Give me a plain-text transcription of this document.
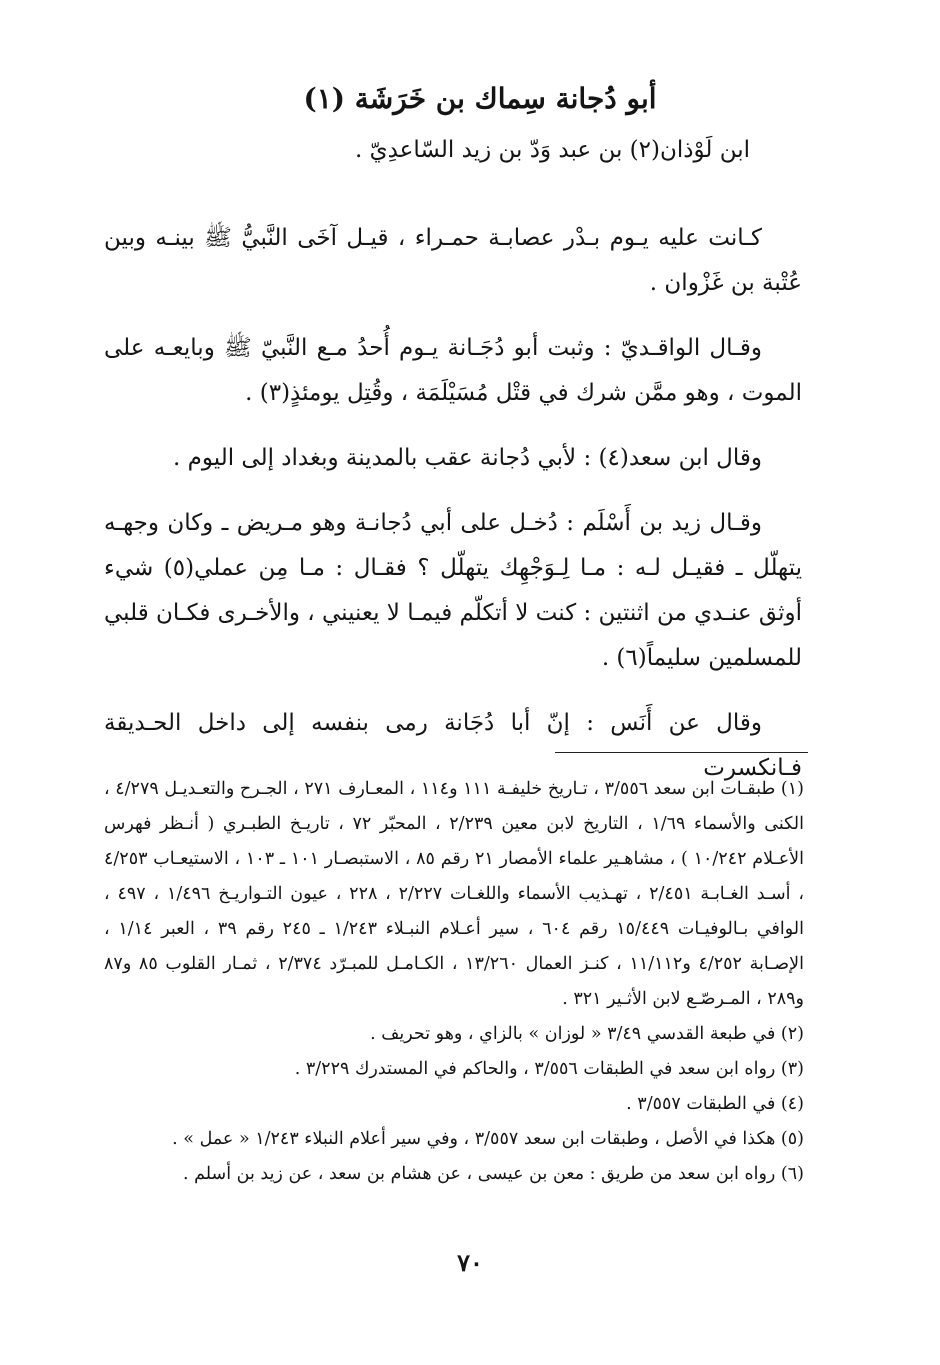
أبو دُجانة سِماك بن خَرَشَة (١)
ابن لَوْذان(٢) بن عبد وَدّ بن زيد السّاعدِيّ .

كـانت عليه يـوم بـدْر عصابـة حمـراء ، قيـل آخَى النَّبيُّ ﷺ بينـه وبين عُتْبة بن غَزْوان .

وقـال الواقـديّ : وثبت أبو دُجَـانة يـوم أُحدُ مـع النَّبيّ ﷺ وبايعـه على الموت ، وهو ممَّن شرك في قتْل مُسَيْلَمَة ، وقُتِل يومئذٍ(٣) .

وقال ابن سعد(٤) : لأبي دُجانة عقب بالمدينة وبغداد إلى اليوم .

وقـال زيد بن أَسْلَم : دُخـل على أبي دُجانـة وهو مـريض ـ وكان وجهـه يتهلّل ـ فقيـل لـه : مـا لِـوَجْهِك يتهلّل ؟ فقـال : مـا مِن عملي(٥) شيء أوثق عنـدي من اثنتين : كنت لا أتكلّم فيمـا لا يعنيني ، والأخـرى فكـان قلبي للمسلمين سليماً(٦) .

وقال عن أَنَس : إنّ أبا دُجَانة رمى بنفسه إلى داخل الحـديقة فـانكسرت

(١) طبقـات ابن سعد ٣/٥٥٦ ، تـاريخ خليفـة ١١١ و١١٤ ، المعـارف ٢٧١ ، الجـرح والتعـديـل ٤/٢٧٩ ، الكنى والأسماء ١/٦٩ ، التاريخ لابن معين ٢/٢٣٩ ، المحبّر ٧٢ ، تاريـخ الطبـري ( أنـظر فهرس الأعـلام ١٠/٢٤٢ ) ، مشاهـير علماء الأمصار ٢١ رقم ٨٥ ، الاستبصـار ١٠١ ـ ١٠٣ ، الاستيعـاب ٤/٢٥٣ ، أسـد الغـابـة ٢/٤٥١ ، تهـذيب الأسماء واللغـات ٢/٢٢٧ ، ٢٢٨ ، عيون التـواريـخ ١/٤٩٦ ، ٤٩٧ ، الوافي بـالوفيـات ١٥/٤٤٩ رقم ٦٠٤ ، سير أعـلام النبـلاء ١/٢٤٣ ـ ٢٤٥ رقم ٣٩ ، العبر ١/١٤ ، الإصـابة ٤/٢٥٢ و١١/١١٢ ، كنـز العمال ١٣/٢٦٠ ، الكـامـل للمبـرّد ٢/٣٧٤ ، ثمـار القلوب ٨٥ و٨٧ و٢٨٩ ، المـرصّـع لابن الأثـير ٣٢١ .

(٢) في طبعة القدسي ٣/٤٩ « لوزان » بالزاي ، وهو تحريف .

(٣) رواه ابن سعد في الطبقات ٣/٥٥٦ ، والحاكم في المستدرك ٣/٢٢٩ .

(٤) في الطبقات ٣/٥٥٧ .

(٥) هكذا في الأصل ، وطبقات ابن سعد ٣/٥٥٧ ، وفي سير أعلام النبلاء ١/٢٤٣ « عمل » .

(٦) رواه ابن سعد من طريق : معن بن عيسى ، عن هشام بن سعد ، عن زيد بن أسلم .

٧٠
